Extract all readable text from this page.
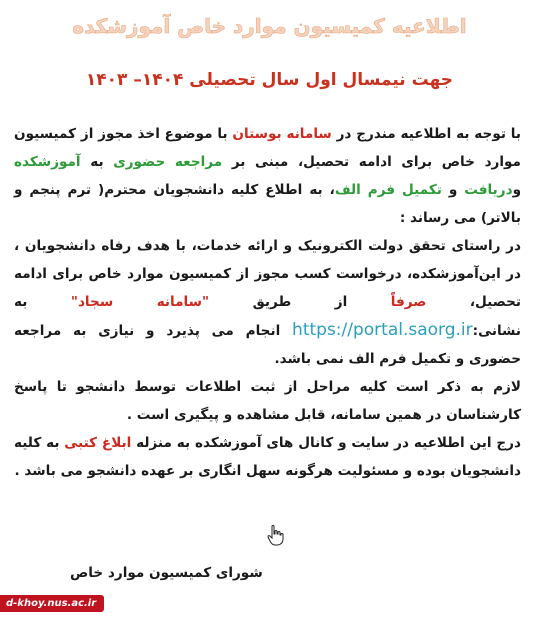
اطلاعیه کمیسیون موارد خاص آموزشکده
جهت نیمسال اول سال تحصیلی ۱۴۰۴– ۱۴۰۳

با توجه به اطلاعیه مندرج در سامانه بوستان با موضوع اخذ مجوز از کمیسیون موارد خاص برای ادامه تحصیل، مبنی بر مراجعه حضوری به آموزشکده ودریافت و تکمیل فرم الف، به اطلاع کلیه دانشجویان محترم( ترم پنجم و بالاتر) می رساند :

در راستای تحقق دولت الکترونیک و ارائه خدمات، با هدف رفاه دانشجویان ، در این‌آموزشکده، درخواست کسب مجوز از کمیسیون موارد خاص برای ادامه تحصیل، صرفاً از طریق "سامانه سجاد" به نشانی:https://portal.saorg.ir انجام می پذیرد و نیازی به مراجعه حضوری و تکمیل فرم الف نمی باشد.

لازم به ذکر است کلیه مراحل از ثبت اطلاعات توسط دانشجو تا پاسخ کارشناسان در همین سامانه، قابل مشاهده و پیگیری است .

درج این اطلاعیه در سایت و کانال های آموزشکده به منزله ابلاغ کتبی به کلیه دانشجویان بوده و مسئولیت هرگونه سهل انگاری بر عهده دانشجو می باشد .

شورای کمیسیون موارد خاص
d-khoy.nus.ac.ir
